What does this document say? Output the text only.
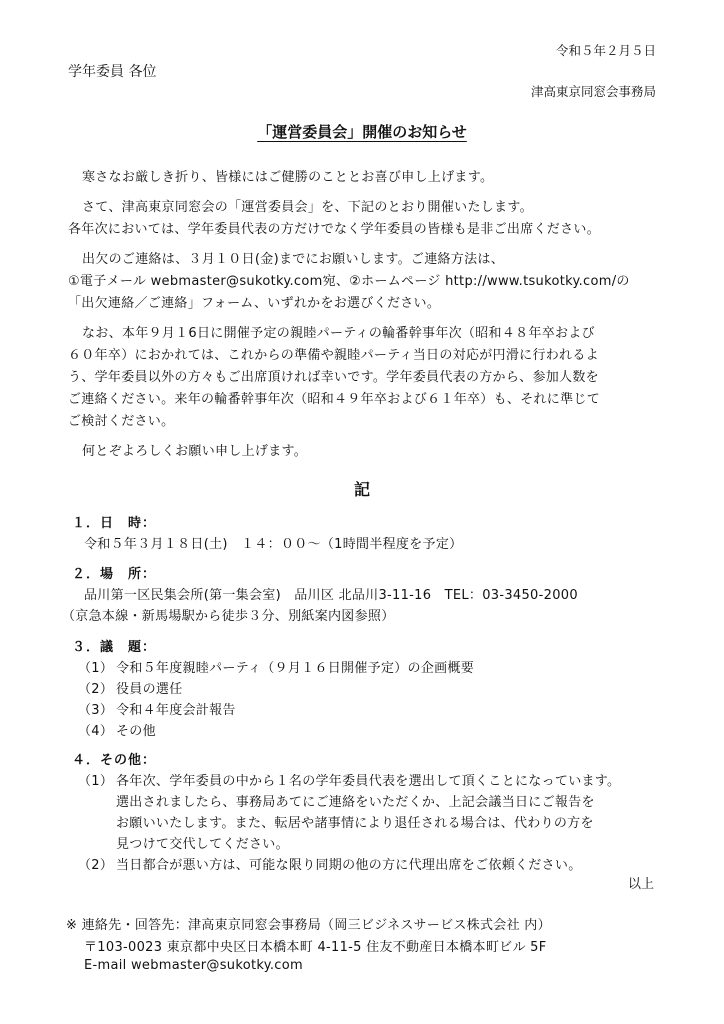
令和５年２月５日
学年委員 各位
津高東京同窓会事務局
「運営委員会」開催のお知らせ
寒さなお厳しき折り、皆様にはご健勝のこととお喜び申し上げます。
さて、津高東京同窓会の「運営委員会」を、下記のとおり開催いたします。
各年次においては、学年委員代表の方だけでなく学年委員の皆様も是非ご出席ください。
出欠のご連絡は、３月１０日(金)までにお願いします。ご連絡方法は、
①電子メール webmaster@sukotky.com宛、②ホームページ http://www.tsukotky.com/の
「出欠連絡／ご連絡」フォーム、いずれかをお選びください。
なお、本年９月１6日に開催予定の親睦パーティの輪番幹事年次（昭和４８年卒および
６０年卒）におかれては、これからの準備や親睦パーティ当日の対応が円滑に行われるよ
う、学年委員以外の方々もご出席頂ければ幸いです。学年委員代表の方から、参加人数を
ご連絡ください。来年の輪番幹事年次（昭和４９年卒および６１年卒）も、それに準じて
ご検討ください。
何とぞよろしくお願い申し上げます。
記
１．日　時：
令和５年３月１８日(土)　１４：００～（1時間半程度を予定）
２．場　所：
品川第一区民集会所(第一集会室)　品川区 北品川3-11-16　TEL：03-3450-2000
（京急本線・新馬場駅から徒歩３分、別紙案内図参照）
３．議　題：
（1） 令和５年度親睦パーティ（９月１６日開催予定）の企画概要
（2） 役員の選任
（3） 令和４年度会計報告
（4） その他
４．その他：
（1） 各年次、学年委員の中から１名の学年委員代表を選出して頂くことになっています。
選出されましたら、事務局あてにご連絡をいただくか、上記会議当日にご報告を
お願いいたします。また、転居や諸事情により退任される場合は、代わりの方を
見つけて交代してください。
（2） 当日都合が悪い方は、可能な限り同期の他の方に代理出席をご依頼ください。
以上
※ 連絡先・回答先：津高東京同窓会事務局（岡三ビジネスサービス株式会社 内）
〒103-0023 東京都中央区日本橋本町 4-11-5 住友不動産日本橋本町ビル 5F
E-mail webmaster@sukotky.com
